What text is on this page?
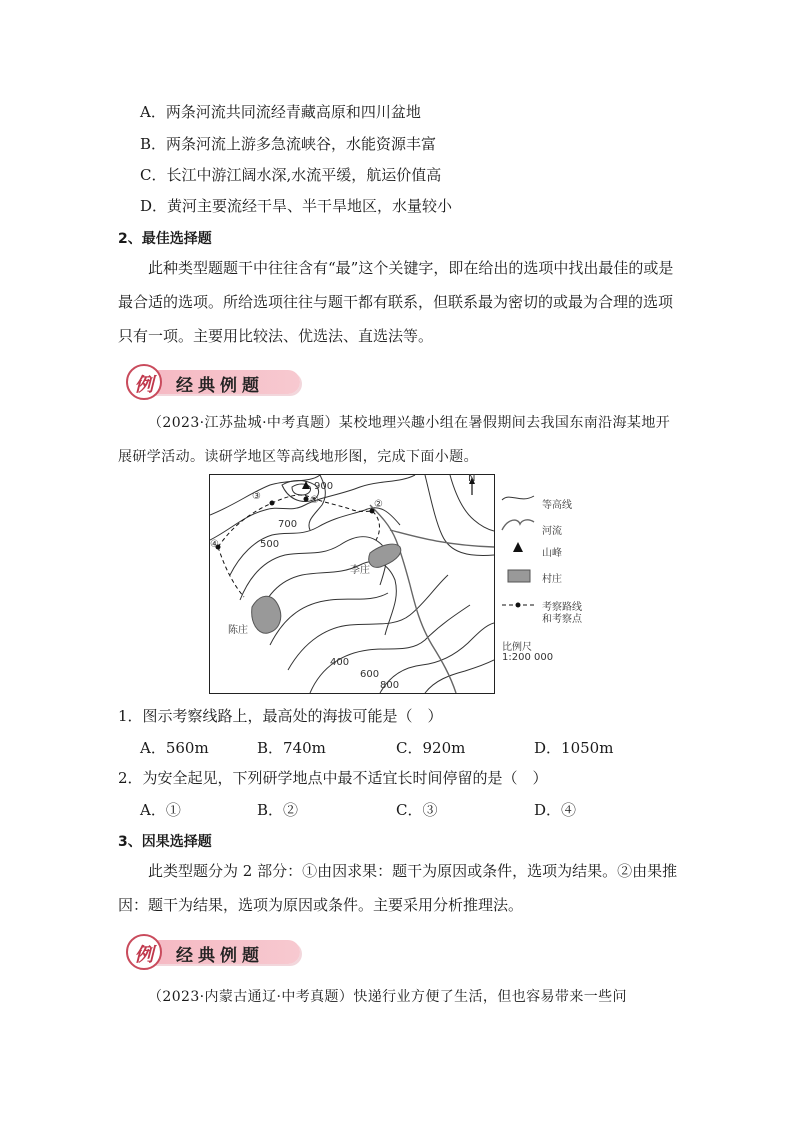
A．两条河流共同流经青藏高原和四川盆地
B．两条河流上游多急流峡谷，水能资源丰富
C．长江中游江阔水深,水流平缓，航运价值高
D．黄河主要流经干旱、半干旱地区，水量较小
2、最佳选择题
此种类型题题干中往往含有“最”这个关键字，即在给出的选项中找出最佳的或是最合适的选项。所给选项往往与题干都有联系，但联系最为密切的或最为合理的选项只有一项。主要用比较法、优选法、直选法等。
例	经典例题
（2023·江苏盐城·中考真题）某校地理兴趣小组在暑假期间去我国东南沿海某地开展研学活动。读研学地区等高线地形图，完成下面小题。
900
700
500
400
600
800
李庄
陈庄
①	②
③
④
N
等高线
河流
山峰
村庄
考察路线
和考察点
比例尺
1:200 000
1．图示考察线路上，最高处的海拔可能是（　）
A．560m	B．740m	C．920m	D．1050m
2．为安全起见，下列研学地点中最不适宜长时间停留的是（　）
A．①	B．②	C．③	D．④
3、因果选择题
此类型题分为 2 部分：①由因求果：题干为原因或条件，选项为结果。②由果推因：题干为结果，选项为原因或条件。主要采用分析推理法。
例	经典例题
（2023·内蒙古通辽·中考真题）快递行业方便了生活，但也容易带来一些问
